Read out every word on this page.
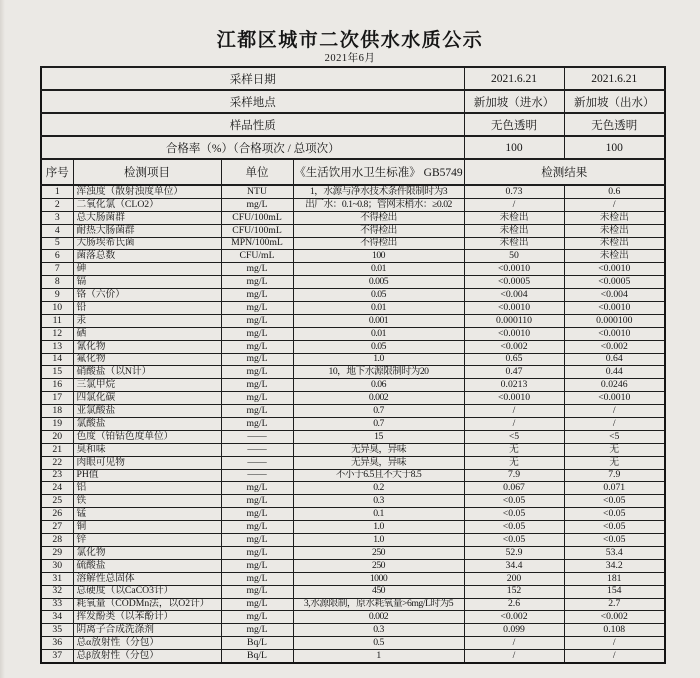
江都区城市二次供水水质公示
2021年6月
采样日期				2021.6.21	2021.6.21
采样地点				新加坡（进水）	新加坡（出水）
样品性质				无色透明	无色透明
合格率（%）（合格项次 / 总项次）				100	100
序号	检测项目	单位	《生活饮用水卫生标准》 GB5749	检测结果	
1	浑浊度（散射浊度单位）	NTU	1，水源与净水技术条件限制时为3	0.73	0.6
2	二氧化氯（CLO2）	mg/L	出厂水：0.1~0.8；管网末梢水：≥0.02	/	/
3	总大肠菌群	CFU/100mL	不得检出	未检出	未检出
4	耐热大肠菌群	CFU/100mL	不得检出	未检出	未检出
5	大肠埃希氏菌	MPN/100mL	不得检出	未检出	未检出
6	菌落总数	CFU/mL	100	50	未检出
7	砷	mg/L	0.01	<0.0010	<0.0010
8	镉	mg/L	0.005	<0.0005	<0.0005
9	铬（六价）	mg/L	0.05	<0.004	<0.004
10	铅	mg/L	0.01	<0.0010	<0.0010
11	汞	mg/L	0.001	0.000110	0.000100
12	硒	mg/L	0.01	<0.0010	<0.0010
13	氰化物	mg/L	0.05	<0.002	<0.002
14	氟化物	mg/L	1.0	0.65	0.64
15	硝酸盐（以N计）	mg/L	10，地下水源限制时为20	0.47	0.44
16	三氯甲烷	mg/L	0.06	0.0213	0.0246
17	四氯化碳	mg/L	0.002	<0.0010	<0.0010
18	亚氯酸盐	mg/L	0.7	/	/
19	氯酸盐	mg/L	0.7	/	/
20	色度（铂钴色度单位）	——	15	<5	<5
21	臭和味	——	无异臭，异味	无	无
22	肉眼可见物	——	无异臭，异味	无	无
23	PH值	——	不小于6.5且不大于8.5	7.9	7.9
24	铝	mg/L	0.2	0.067	0.071
25	铁	mg/L	0.3	<0.05	<0.05
26	锰	mg/L	0.1	<0.05	<0.05
27	铜	mg/L	1.0	<0.05	<0.05
28	锌	mg/L	1.0	<0.05	<0.05
29	氯化物	mg/L	250	52.9	53.4
30	硫酸盐	mg/L	250	34.4	34.2
31	溶解性总固体	mg/L	1000	200	181
32	总硬度（以CaCO3计）	mg/L	450	152	154
33	耗氧量（CODMn法，以O2计）	mg/L	3,水源限制，原水耗氧量>6mg/L时为5	2.6	2.7
34	挥发酚类（以苯酚计）	mg/L	0.002	<0.002	<0.002
35	阴离子合成洗涤剂	mg/L	0.3	0.099	0.108
36	总α放射性（分包）	Bq/L	0.5	/	/
37	总β放射性（分包）	Bq/L	1	/	/
